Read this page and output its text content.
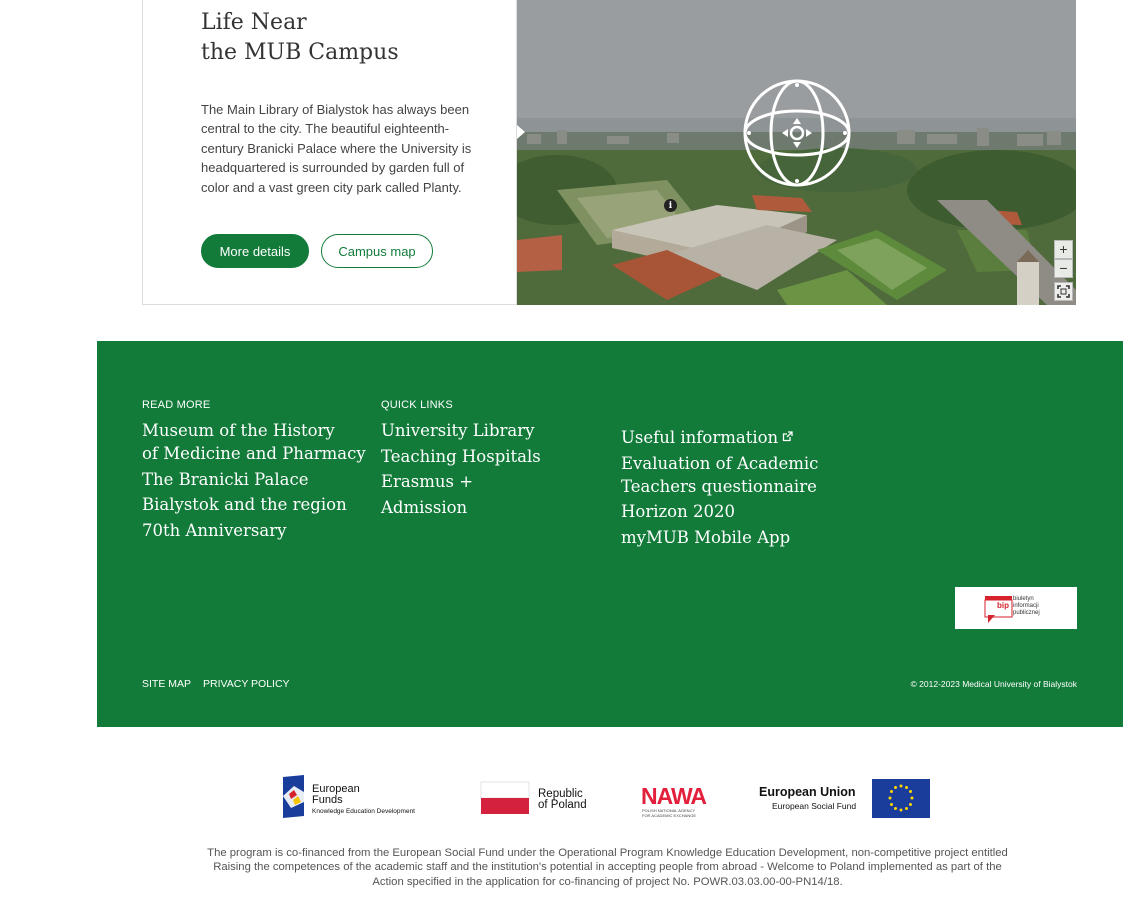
Life Near
the MUB Campus

The Main Library of Bialystok has always been central to the city. The beautiful eighteenth-century Branicki Palace where the University is headquartered is surrounded by garden full of color and a vast green city park called Planty.

More details	Campus map
i
+
−
READ MORE
Museum of the History
of Medicine and Pharmacy
The Branicki Palace
Bialystok and the region
70th Anniversary
QUICK LINKS
University Library
Teaching Hospitals
Erasmus +
Admission
Useful information
Evaluation of Academic
Teachers questionnaire
Horizon 2020
myMUB Mobile App
bip
biuletyn
informacji
publicznej
SITE MAP PRIVACY POLICY	© 2012-2023 Medical University of Bialystok
European
Funds
Knowledge Education Development
Republic
of Poland NAWA
POLISH NATIONAL AGENCY
FOR ACADEMIC EXCHANGE
European Union
European Social Fund
The program is co-financed from the European Social Fund under the Operational Program Knowledge Education Development, non-competitive project entitled
Raising the competences of the academic staff and the institution's potential in accepting people from abroad - Welcome to Poland implemented as part of the
Action specified in the application for co-financing of project No. POWR.03.03.00-00-PN14/18.
